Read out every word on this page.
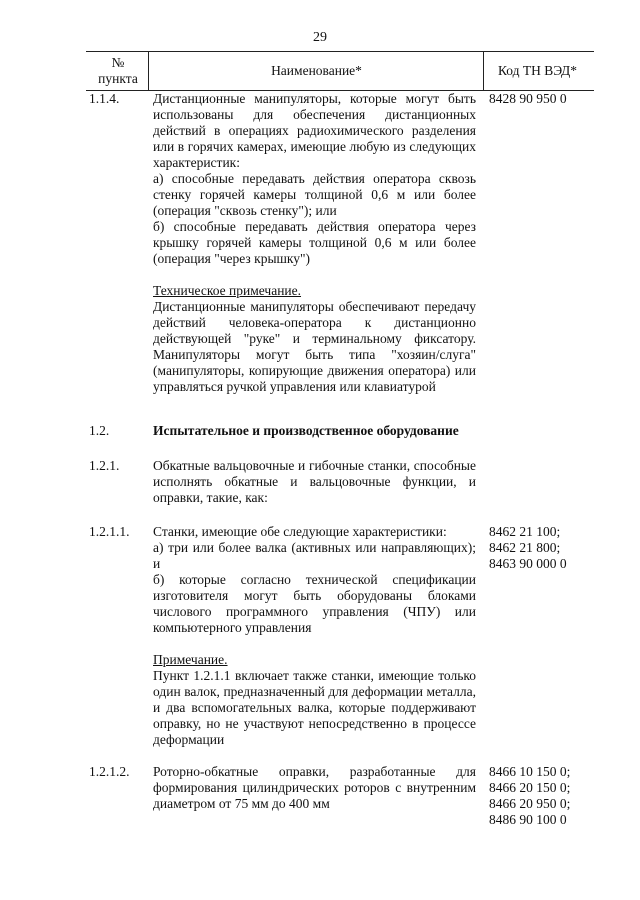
29
№
пункта
Наименование*	Код ТН ВЭД*
1.1.4. Дистанционные манипуляторы, которые могут быть использованы для обеспечения дистанционных действий в операциях радиохимического разделения или в горячих камерах, имеющие любую из следующих характеристик:
а) способные передавать действия оператора сквозь стенку горячей камеры толщиной 0,6 м или более (операция "сквозь стенку"); или
б) способные передавать действия оператора через крышку горячей камеры толщиной 0,6 м или более (операция "через крышку")
Техническое примечание.
Дистанционные манипуляторы обеспечивают передачу действий человека-оператора к дистанционно действующей "руке" и терминальному фиксатору. Манипуляторы могут быть типа "хозяин/слуга" (манипуляторы, копирующие движения оператора) или управляться ручкой управления или клавиатурой
8428 90 950 0
1.2.	Испытательное и производственное оборудование
1.2.1. Обкатные вальцовочные и гибочные станки, способные исполнять обкатные и вальцовочные функции, и оправки, такие, как:
1.2.1.1. Станки, имеющие обе следующие характеристики:
а) три или более валка (активных или направляющих); и
б) которые согласно технической спецификации изготовителя могут быть оборудованы блоками числового программного управления (ЧПУ) или компьютерного управления
Примечание.
Пункт 1.2.1.1 включает также станки, имеющие только один валок, предназначенный для деформации металла, и два вспомогательных валка, которые поддерживают оправку, но не участвуют непосредственно в процессе деформации
8462 21 100;
8462 21 800;
8463 90 000 0
1.2.1.2. Роторно-обкатные оправки, разработанные для формирования цилиндрических роторов с внутренним диаметром от 75 мм до 400 мм
8466 10 150 0;
8466 20 150 0;
8466 20 950 0;
8486 90 100 0
